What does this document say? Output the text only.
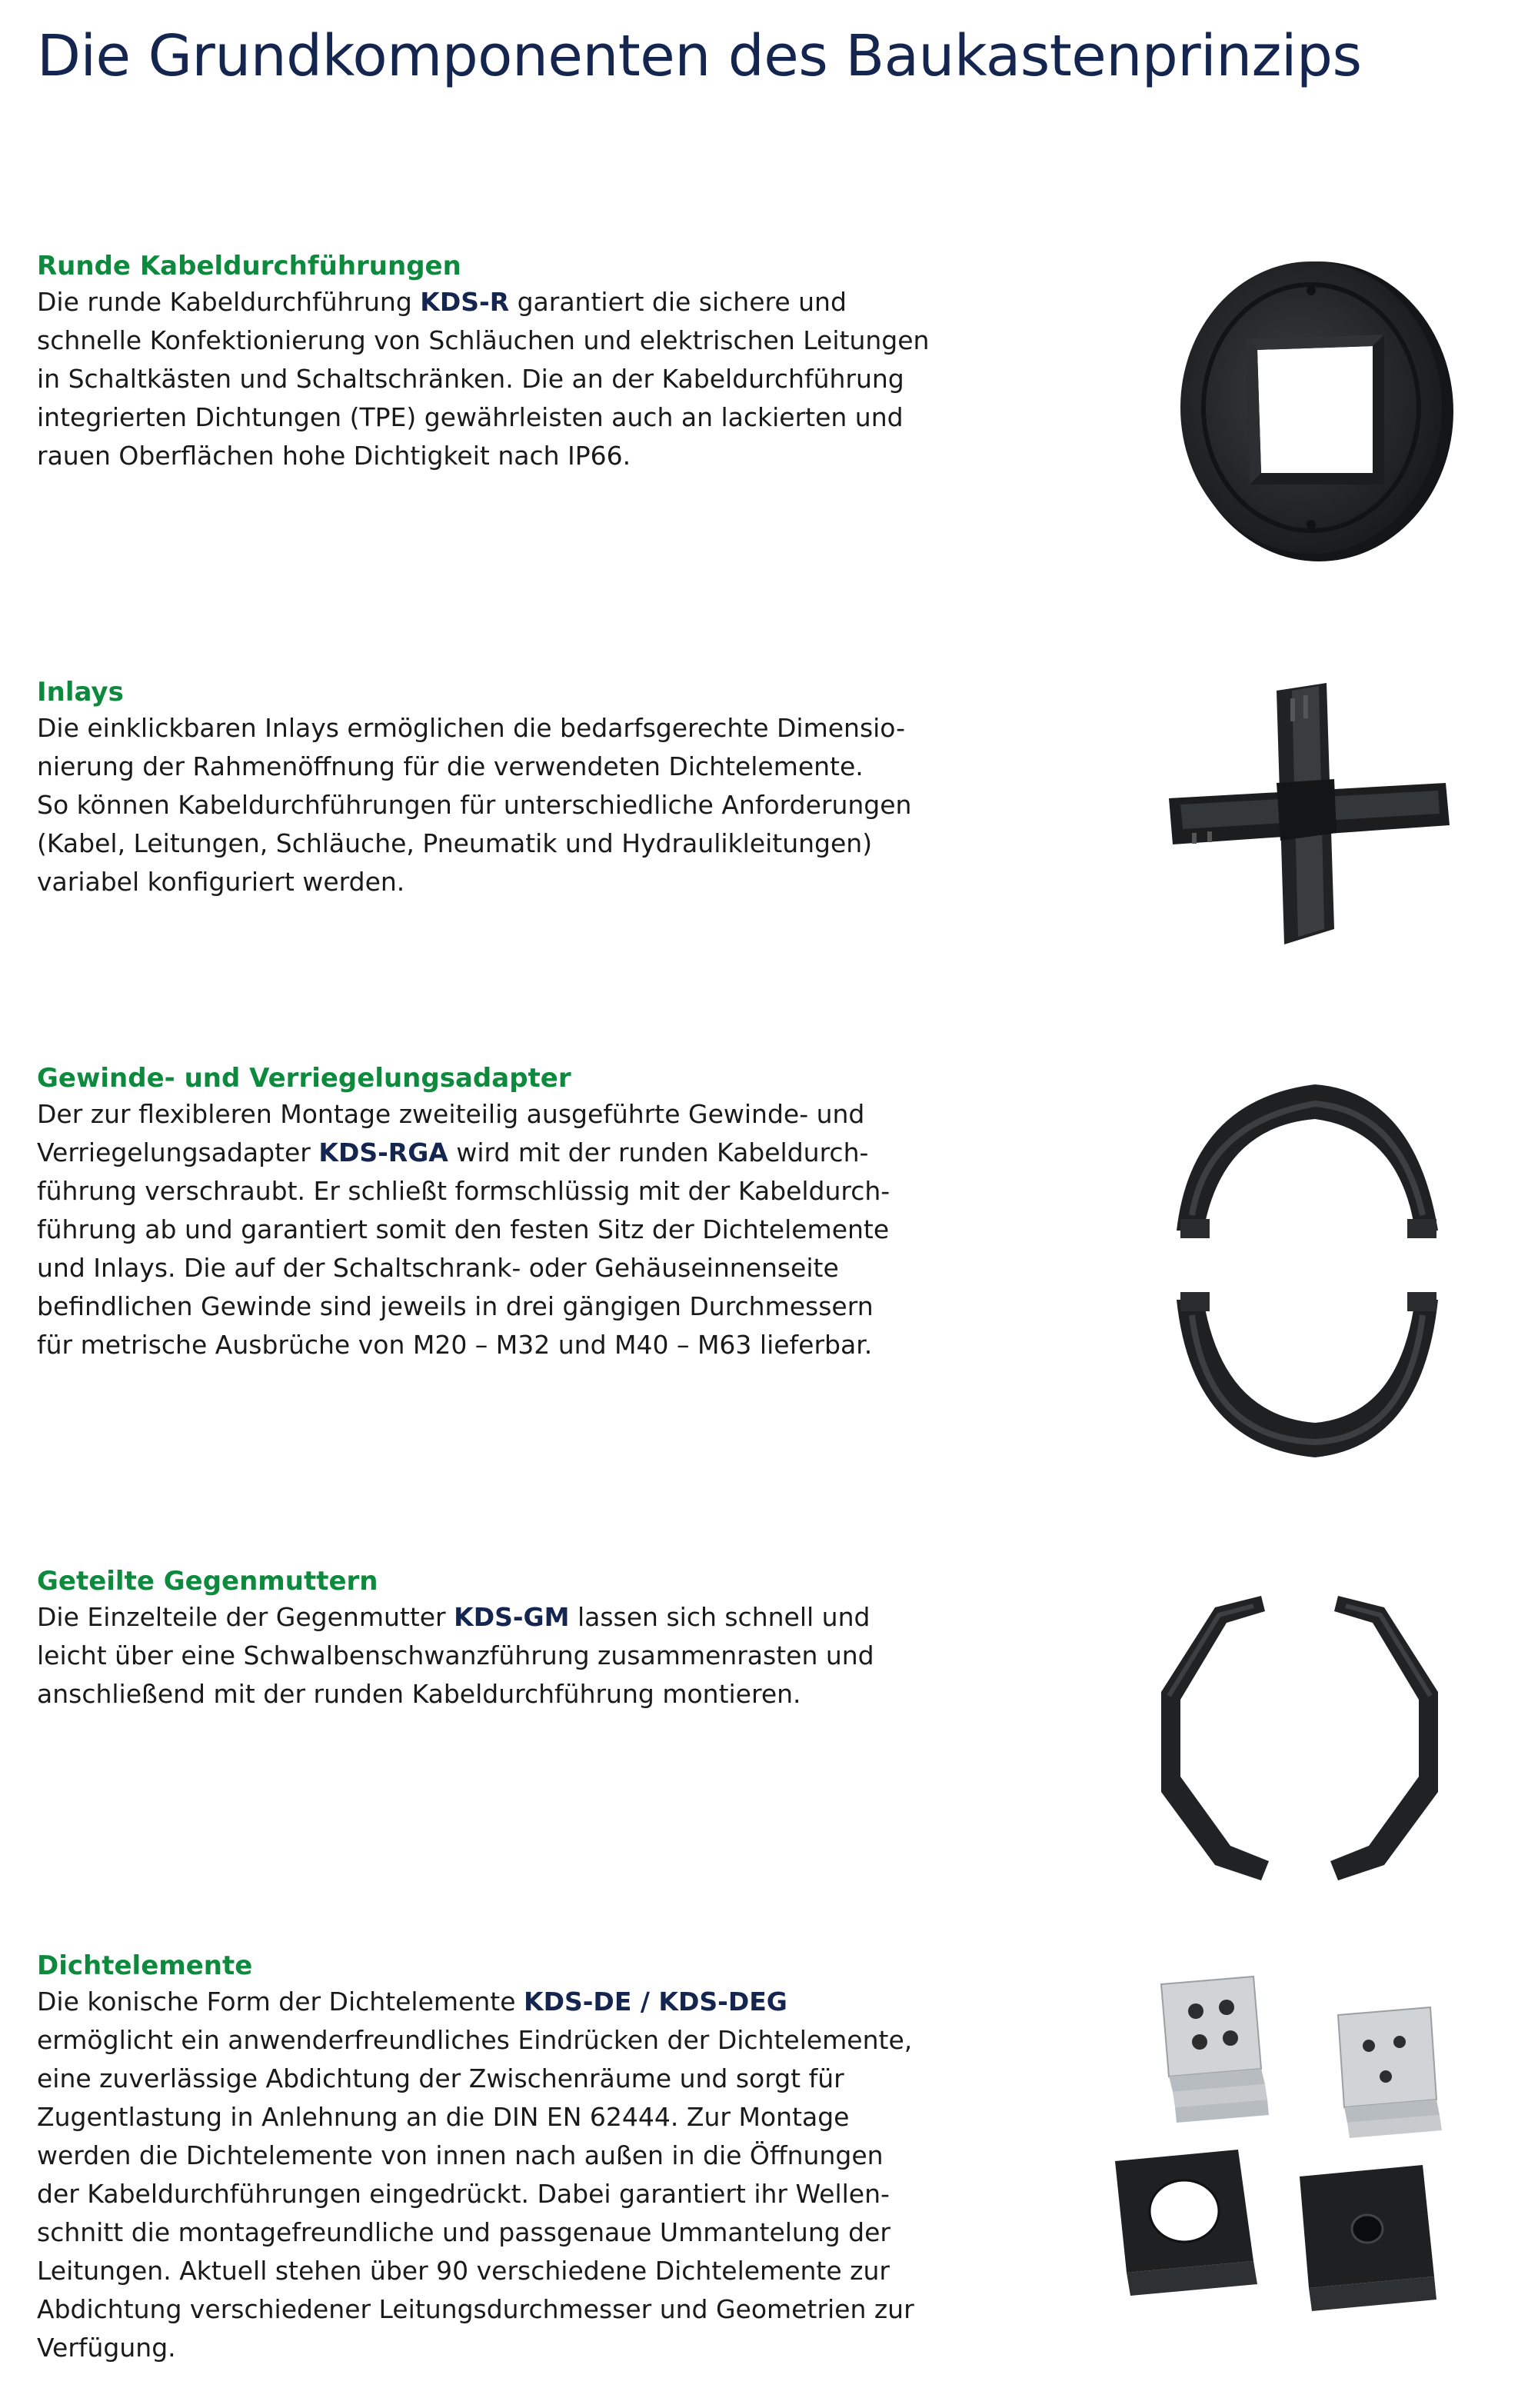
Die Grundkomponenten des Baukastenprinzips
Runde Kabeldurchführungen

Die runde Kabeldurchführung KDS-R garantiert die sichere und
schnelle Konfektionierung von Schläuchen und elektrischen Leitungen
in Schaltkästen und Schaltschränken. Die an der Kabeldurchführung
integrierten Dichtungen (TPE) gewährleisten auch an lackierten und
rauen Oberflächen hohe Dichtigkeit nach IP66.

Inlays

Die einklickbaren Inlays ermöglichen die bedarfsgerechte Dimensio-
nierung der Rahmenöffnung für die verwendeten Dichtelemente.
So können Kabeldurchführungen für unterschiedliche Anforderungen
(Kabel, Leitungen, Schläuche, Pneumatik und Hydraulikleitungen)
variabel konfiguriert werden.

Gewinde- und Verriegelungsadapter

Der zur flexibleren Montage zweiteilig ausgeführte Gewinde- und
Verriegelungsadapter KDS-RGA wird mit der runden Kabeldurch-
führung verschraubt. Er schließt formschlüssig mit der Kabeldurch-
führung ab und garantiert somit den festen Sitz der Dichtelemente
und Inlays. Die auf der Schaltschrank- oder Gehäuseinnenseite
befindlichen Gewinde sind jeweils in drei gängigen Durchmessern
für metrische Ausbrüche von M20 – M32 und M40 – M63 lieferbar.

Geteilte Gegenmuttern

Die Einzelteile der Gegenmutter KDS-GM lassen sich schnell und
leicht über eine Schwalbenschwanzführung zusammenrasten und
anschließend mit der runden Kabeldurchführung montieren.

Dichtelemente

Die konische Form der Dichtelemente KDS-DE / KDS-DEG
ermöglicht ein anwenderfreundliches Eindrücken der Dichtelemente,
eine zuverlässige Abdichtung der Zwischenräume und sorgt für
Zugentlastung in Anlehnung an die DIN EN 62444. Zur Montage
werden die Dichtelemente von innen nach außen in die Öffnungen
der Kabeldurchführungen eingedrückt. Dabei garantiert ihr Wellen-
schnitt die montagefreundliche und passgenaue Ummantelung der
Leitungen. Aktuell stehen über 90 verschiedene Dichtelemente zur
Abdichtung verschiedener Leitungsdurchmesser und Geometrien zur
Verfügung.
